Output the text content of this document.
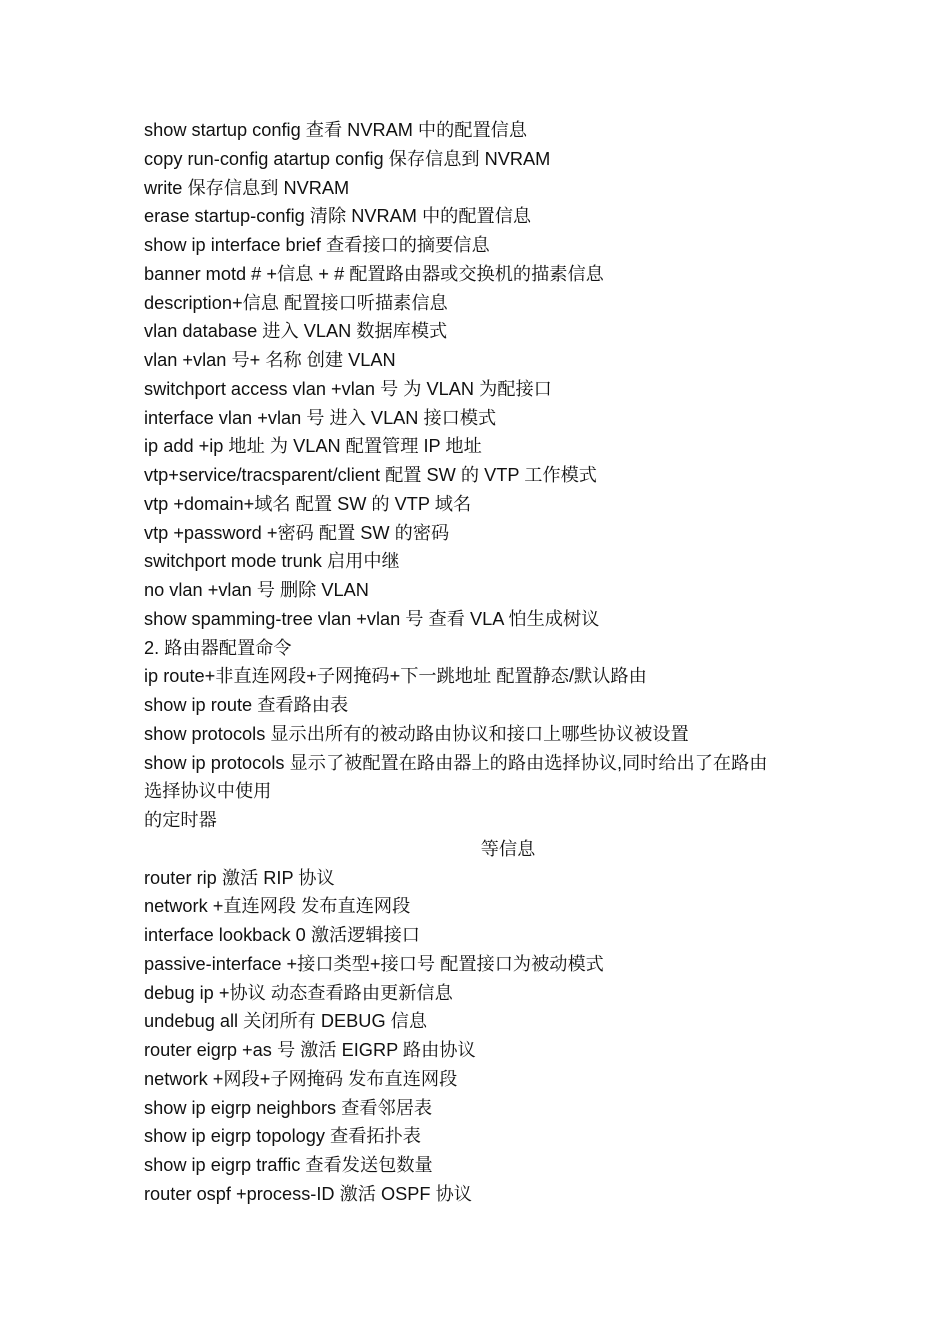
show startup config 查看 NVRAM 中的配置信息
copy run-config atartup config 保存信息到 NVRAM
write 保存信息到 NVRAM
erase startup-config 清除 NVRAM 中的配置信息
show ip interface brief 查看接口的摘要信息
banner motd # +信息 + # 配置路由器或交换机的描素信息
description+信息 配置接口听描素信息
vlan database 进入 VLAN 数据库模式
vlan +vlan 号+ 名称 创建 VLAN
switchport access vlan +vlan 号 为 VLAN 为配接口
interface vlan +vlan 号 进入 VLAN 接口模式
ip add +ip 地址 为 VLAN 配置管理 IP 地址
vtp+service/tracsparent/client 配置 SW 的 VTP 工作模式
vtp +domain+域名 配置 SW 的 VTP 域名
vtp +password +密码 配置 SW 的密码
switchport mode trunk 启用中继
no vlan +vlan 号 删除 VLAN
show spamming-tree vlan +vlan 号 查看 VLA 怕生成树议
2. 路由器配置命令
ip route+非直连网段+子网掩码+下一跳地址 配置静态/默认路由
show ip route 查看路由表
show protocols 显示出所有的被动路由协议和接口上哪些协议被设置
show ip protocols 显示了被配置在路由器上的路由选择协议,同时给出了在路由
选择协议中使用
的定时器
等信息
router rip 激活 RIP 协议
network +直连网段 发布直连网段
interface lookback 0 激活逻辑接口
passive-interface +接口类型+接口号 配置接口为被动模式
debug ip +协议 动态查看路由更新信息
undebug all 关闭所有 DEBUG 信息
router eigrp +as 号 激活 EIGRP 路由协议
network +网段+子网掩码 发布直连网段
show ip eigrp neighbors 查看邻居表
show ip eigrp topology 查看拓扑表
show ip eigrp traffic 查看发送包数量
router ospf +process-ID 激活 OSPF 协议
